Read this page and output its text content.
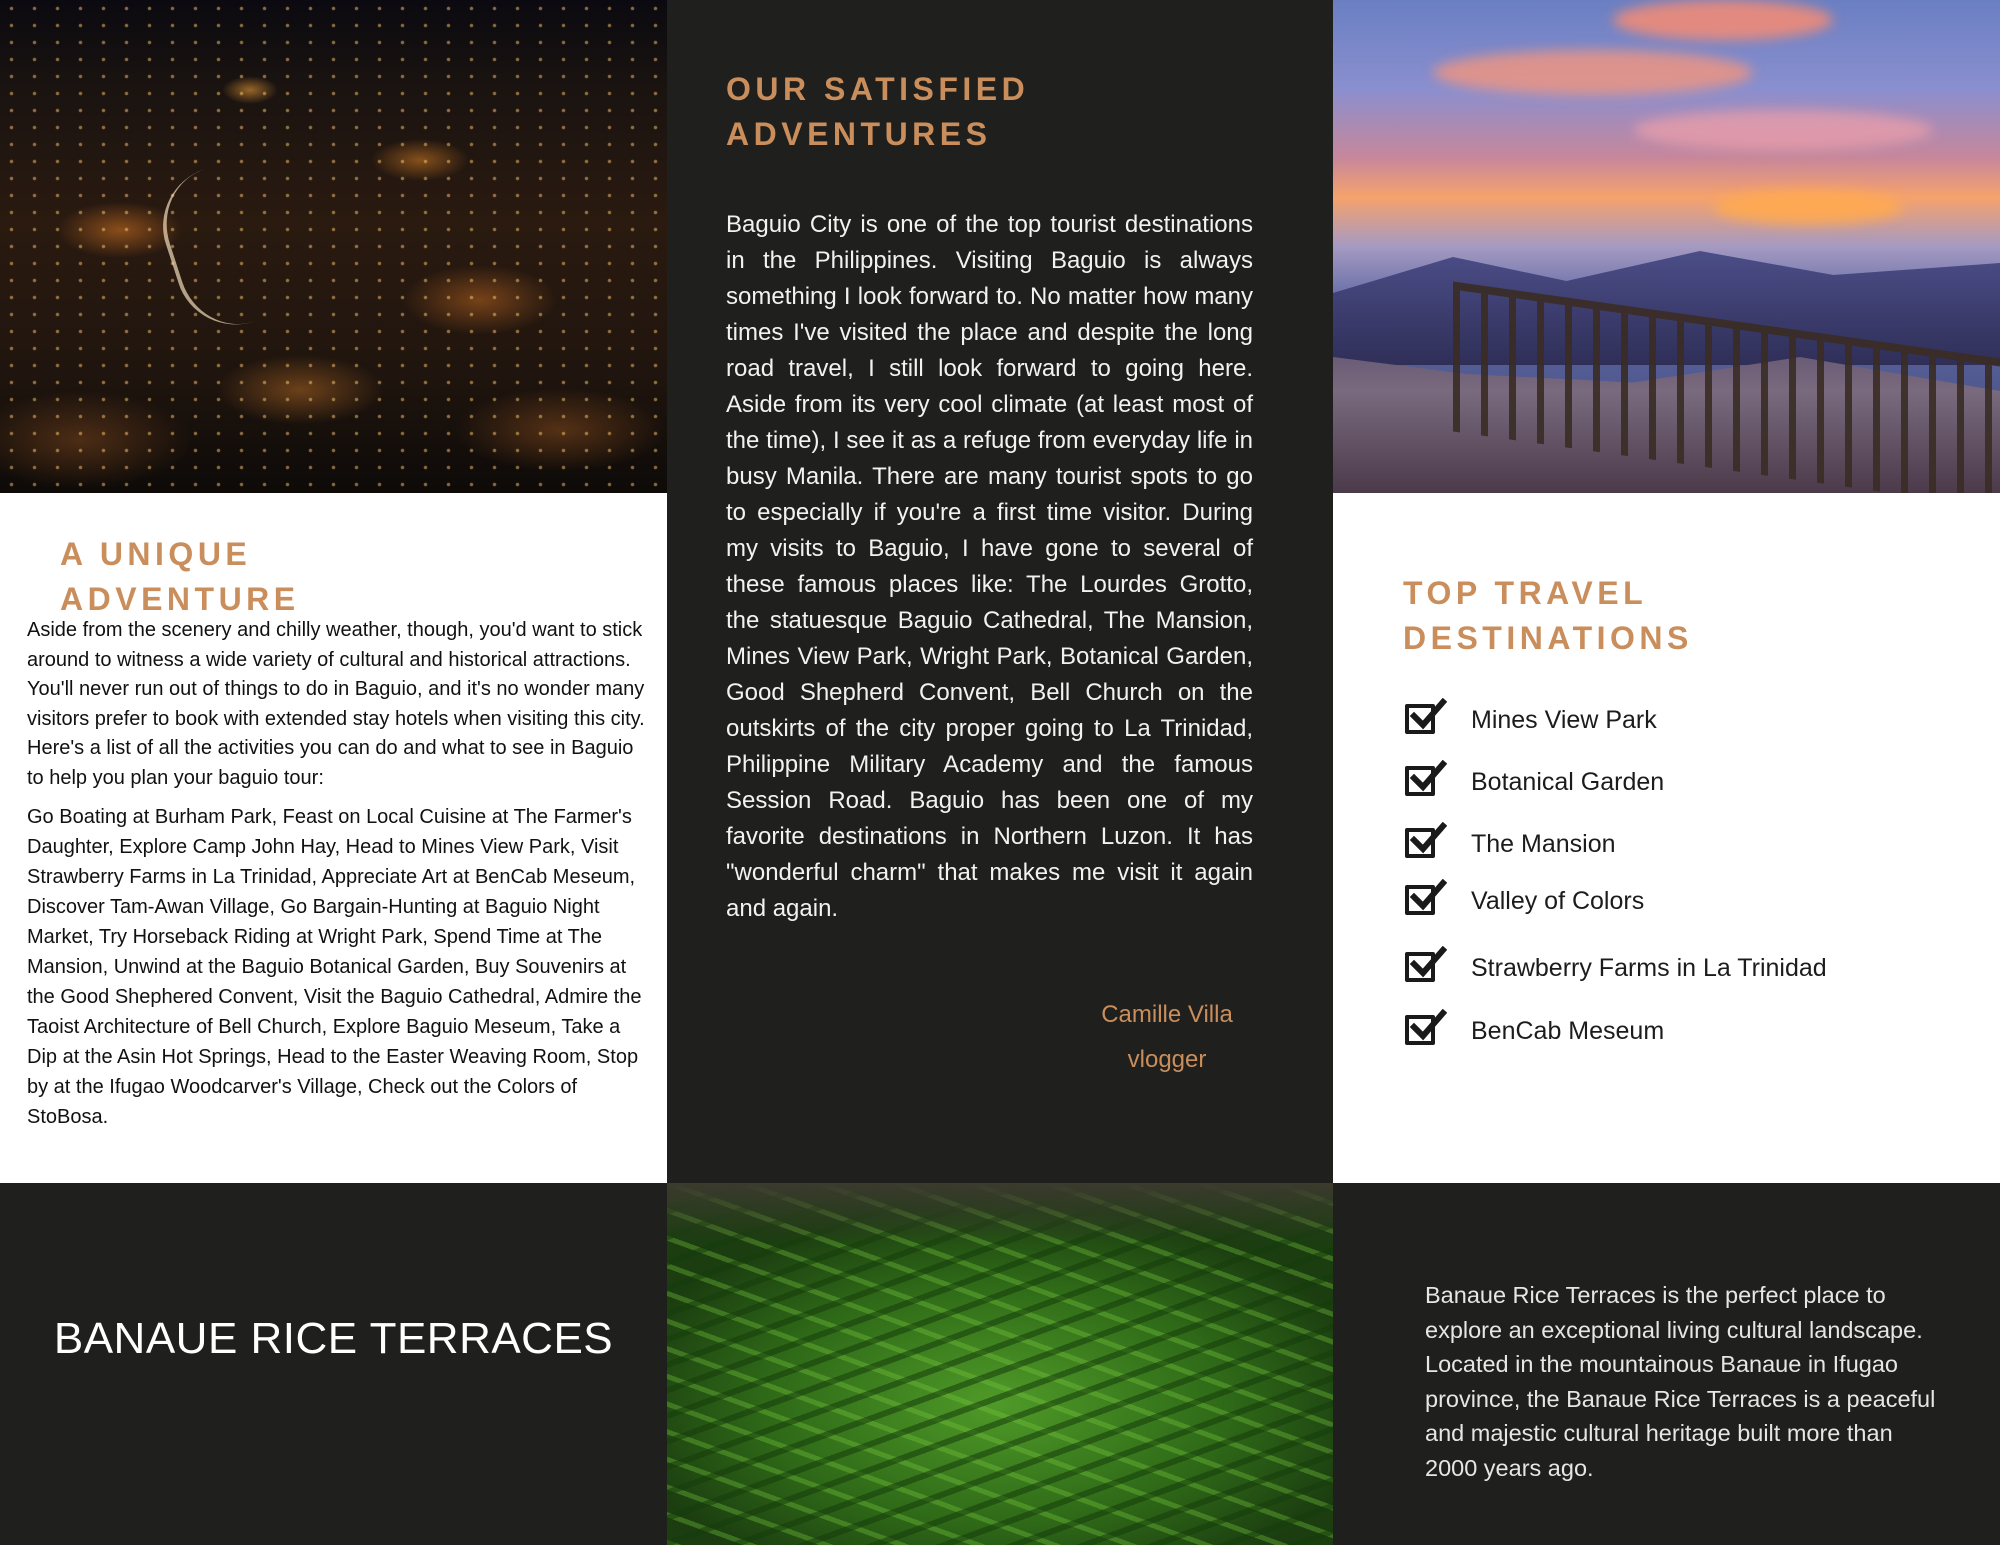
OUR SATISFIED ADVENTURES

Baguio City is one of the top tourist destinations in the Philippines. Visiting Baguio is always something I look forward to. No matter how many times I've visited the place and despite the long road travel, I still look forward to going here. Aside from its very cool climate (at least most of the time), I see it as a refuge from everyday life in busy Manila. There are many tourist spots to go to especially if you're a first time visitor. During my visits to Baguio, I have gone to several of these famous places like: The Lourdes Grotto, the statuesque Baguio Cathedral, The Mansion, Mines View Park, Wright Park, Botanical Garden, Good Shepherd Convent, Bell Church on the outskirts of the city proper going to La Trinidad, Philippine Military Academy and the famous Session Road. Baguio has been one of my favorite destinations in Northern Luzon. It has "wonderful charm" that makes me visit it again and again.

Camille Villa
vlogger
A UNIQUE ADVENTURE

Aside from the scenery and chilly weather, though, you'd want to stick around to witness a wide variety of cultural and historical attractions. You'll never run out of things to do in Baguio, and it's no wonder many visitors prefer to book with extended stay hotels when visiting this city. Here's a list of all the activities you can do and what to see in Baguio to help you plan your baguio tour:

Go Boating at Burham Park, Feast on Local Cuisine at The Farmer's Daughter, Explore Camp John Hay, Head to Mines View Park, Visit Strawberry Farms in La Trinidad, Appreciate Art at BenCab Meseum, Discover Tam-Awan Village, Go Bargain-Hunting at Baguio Night Market, Try Horseback Riding at Wright Park, Spend Time at The Mansion, Unwind at the Baguio Botanical Garden, Buy Souvenirs at the Good Shephered Convent, Visit the Baguio Cathedral, Admire the Taoist Architecture of Bell Church, Explore Baguio Meseum, Take a Dip at the Asin Hot Springs, Head to the Easter Weaving Room, Stop by at the Ifugao Woodcarver's Village, Check out the Colors of StoBosa.

TOP TRAVEL DESTINATIONS
Mines View Park
Botanical Garden
The Mansion
Valley of Colors
Strawberry Farms in La Trinidad
BenCab Meseum
BANAUE RICE TERRACES

Banaue Rice Terraces is the perfect place to explore an exceptional living cultural landscape. Located in the mountainous Banaue in Ifugao province, the Banaue Rice Terraces is a peaceful and majestic cultural heritage built more than 2000 years ago.
